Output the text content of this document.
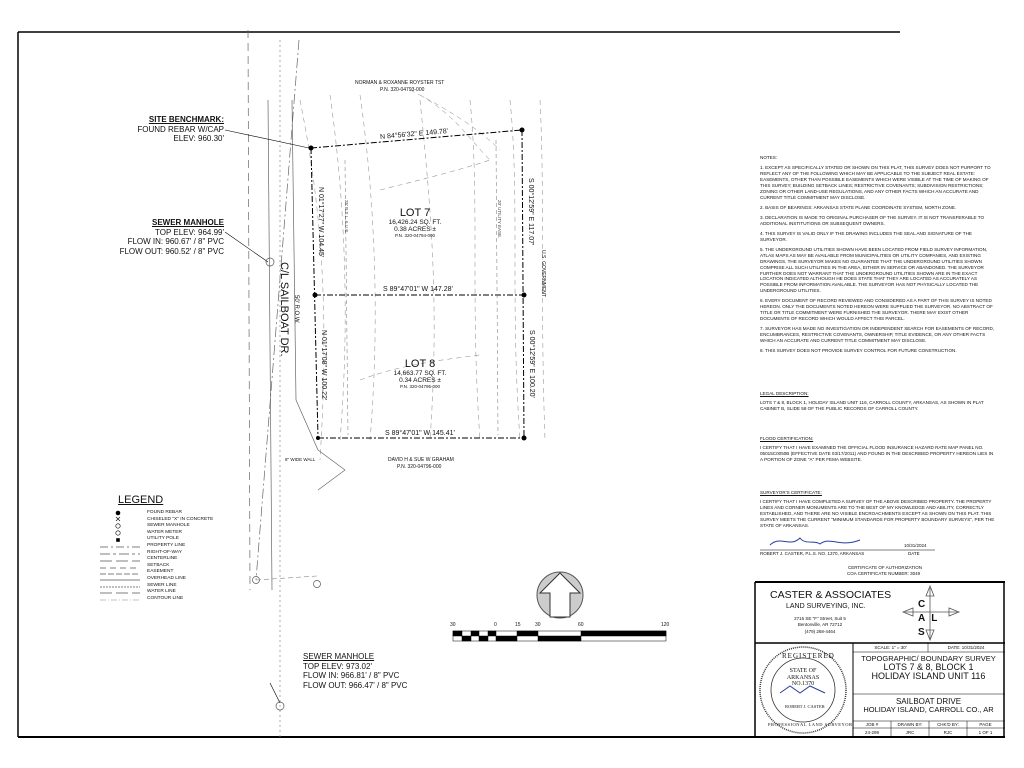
NORMAN & ROXANNE ROYSTER TST
P.N. 320-04793-000
DAVID H & SUE W GRAHAM
P.N. 320-04796-000
U.S. GOVERNMENT
LOT 7
16,426.24 SQ. FT.
0.38 ACRES ±
P.N. 320-04794-000
LOT 8
14,663.77 SQ. FT.
0.34 ACRES ±
P.N. 320-04795-000
N 84°56'32" E 149.78'
S 89°47'01" W 147.28'
S 89°47'01" W 145.41'
N 01°17'27" W 104.45'	S 00°12'59" E 117.07'
N 01°17'08" W 100.22'	S 00°12'59" E 100.20'
25' B.S.L. & U.E.	20' UTILITY EASE.
C/L SAILBOAT DR. 50' R.O.W.
8" WIDE WALL
SITE BENCHMARK:
FOUND REBAR W/CAP
ELEV: 960.30'
SEWER MANHOLE
TOP ELEV: 964.99'
FLOW IN: 960.67' / 8" PVC
FLOW OUT: 960.52' / 8" PVC
SEWER MANHOLE
TOP ELEV: 973.02'
FLOW IN: 966.81' / 8" PVC
FLOW OUT: 966.47' / 8" PVC
LEGEND
FOUND REBAR
CHISELED "X" IN CONCRETE
SEWER MANHOLE
WATER METER
UTILITY POLE
PROPERTY LINE
RIGHT-OF-WAY
CENTERLINE
SETBACK
EASEMENT
OVERHEAD LINE
SEWER LINE
WATER LINE
CONTOUR LINE
30	0	15	30	60	120

NOTES:

1. EXCEPT AS SPECIFICALLY STATED OR SHOWN ON THIS PLAT, THIS SURVEY DOES NOT PURPORT TO REFLECT ANY OF THE FOLLOWING WHICH MAY BE APPLICABLE TO THE SUBJECT REAL ESTATE: EASEMENTS, OTHER THAN POSSIBLE EASEMENTS WHICH WERE VISIBLE AT THE TIME OF MAKING OF THIS SURVEY; BUILDING SETBACK LINES; RESTRICTIVE COVENANTS; SUBDIVISION RESTRICTIONS; ZONING OR OTHER LAND-USE REGULATIONS, AND ANY OTHER FACTS WHICH AN ACCURATE AND CURRENT TITLE COMMITMENT MAY DISCLOSE.

2. BASIS OF BEARINGS: ARKANSAS STATE PLANE COORDINATE SYSTEM, NORTH ZONE.

3. DECLARATION IS MADE TO ORIGINAL PURCHASER OF THE SURVEY. IT IS NOT TRANSFERABLE TO ADDITIONAL INSTITUTIONS OR SUBSEQUENT OWNERS.

4. THIS SURVEY IS VALID ONLY IF THE DRAWING INCLUDES THE SEAL AND SIGNATURE OF THE SURVEYOR.

5. THE UNDERGROUND UTILITIES SHOWN HAVE BEEN LOCATED FROM FIELD SURVEY INFORMATION, ATLAS MAPS AS MAY BE AVAILABLE FROM MUNICIPALITIES OR UTILITY COMPANIES, AND EXISTING DRAWINGS. THE SURVEYOR MAKES NO GUARANTEE THAT THE UNDERGROUND UTILITIES SHOWN COMPRISE ALL SUCH UTILITIES IN THE AREA, EITHER IN SERVICE OR ABANDONED. THE SURVEYOR FURTHER DOES NOT WARRANT THAT THE UNDERGROUND UTILITIES SHOWN ARE IN THE EXACT LOCATION INDICATED ALTHOUGH HE DOES STATE THAT THEY ARE LOCATED AS ACCURATELY AS POSSIBLE FROM INFORMATION AVAILABLE. THE SURVEYOR HAS NOT PHYSICALLY LOCATED THE UNDERGROUND UTILITIES.

6. EVERY DOCUMENT OF RECORD REVIEWED AND CONSIDERED AS A PART OF THIS SURVEY IS NOTED HEREON. ONLY THE DOCUMENTS NOTED HEREON WERE SUPPLIED THE SURVEYOR. NO ABSTRACT OF TITLE OR TITLE COMMITMENT WERE FURNISHED THE SURVEYOR. THERE MAY EXIST OTHER DOCUMENTS OF RECORD WHICH WOULD AFFECT THIS PARCEL.

7. SURVEYOR HAS MADE NO INVESTIGATION OR INDEPENDENT SEARCH FOR EASEMENTS OF RECORD, ENCUMBRANCES, RESTRICTIVE COVENANTS, OWNERSHIP, TITLE EVIDENCE, OR ANY OTHER FACTS WHICH AN ACCURATE AND CURRENT TITLE COMMITMENT MAY DISCLOSE.

8. THIS SURVEY DOES NOT PROVIDE SURVEY CONTROL FOR FUTURE CONSTRUCTION.

LEGAL DESCRIPTION:

LOTS 7 & 8, BLOCK 1, HOLIDAY ISLAND UNIT 116, CARROLL COUNTY, ARKANSAS, AS SHOWN IN PLAT CABINET B, SLIDE 58 OF THE PUBLIC RECORDS OF CARROLL COUNTY.

FLOOD CERTIFICATION:

I CERTIFY THAT I HAVE EXAMINED THE OFFICIAL FLOOD INSURANCE HAZARD RATE MAP PANEL NO. 05015C0050B (EFFECTIVE DATE 03/17/2011) AND FOUND IN THE DESCRIBED PROPERTY HEREON LIES IN A PORTION OF ZONE "A" PER FEMA WEBSITE.

SURVEYOR'S CERTIFICATE:

I CERTIFY THAT I HAVE COMPLETED A SURVEY OF THE ABOVE DESCRIBED PROPERTY. THE PROPERTY LINES AND CORNER MONUMENTS ARE TO THE BEST OF MY KNOWLEDGE AND ABILITY, CORRECTLY ESTABLISHED, AND THERE ARE NO VISIBLE ENCROACHMENTS EXCEPT AS SHOWN ON THIS PLAT. THIS SURVEY MEETS THE CURRENT "MINIMUM STANDARDS FOR PROPERTY BOUNDARY SURVEYS", PER THE STATE OF ARKANSAS.

10/31/2024
ROBERT J. CASTER, P.L.S. NO. 1370, ARKANSAS	DATE
CERTIFICATE OF AUTHORIZATION
COA CERTIFICATE NUMBER: 3049
CASTER & ASSOCIATES
LAND SURVEYING, INC.
2715 SE "F" Street, Suit 5
Bentonville, AR 72712
(479) 268-4464
CALS
STATE OF
ARKANSAS
NO.1370
REGISTERED
PROFESSIONAL LAND SURVEYOR
ROBERT J. CASTER
SCALE: 1" = 30'	DATE: 10/31/2024
TOPOGRAPHIC/ BOUNDARY SURVEY
LOTS 7 & 8, BLOCK 1
HOLIDAY ISLAND UNIT 116
SAILBOAT DRIVE
HOLIDAY ISLAND, CARROLL CO., AR
JOB #	DRAWN BY:	CHK'D BY:	PAGE
24-299	JRC	RJC	1 OF 1
